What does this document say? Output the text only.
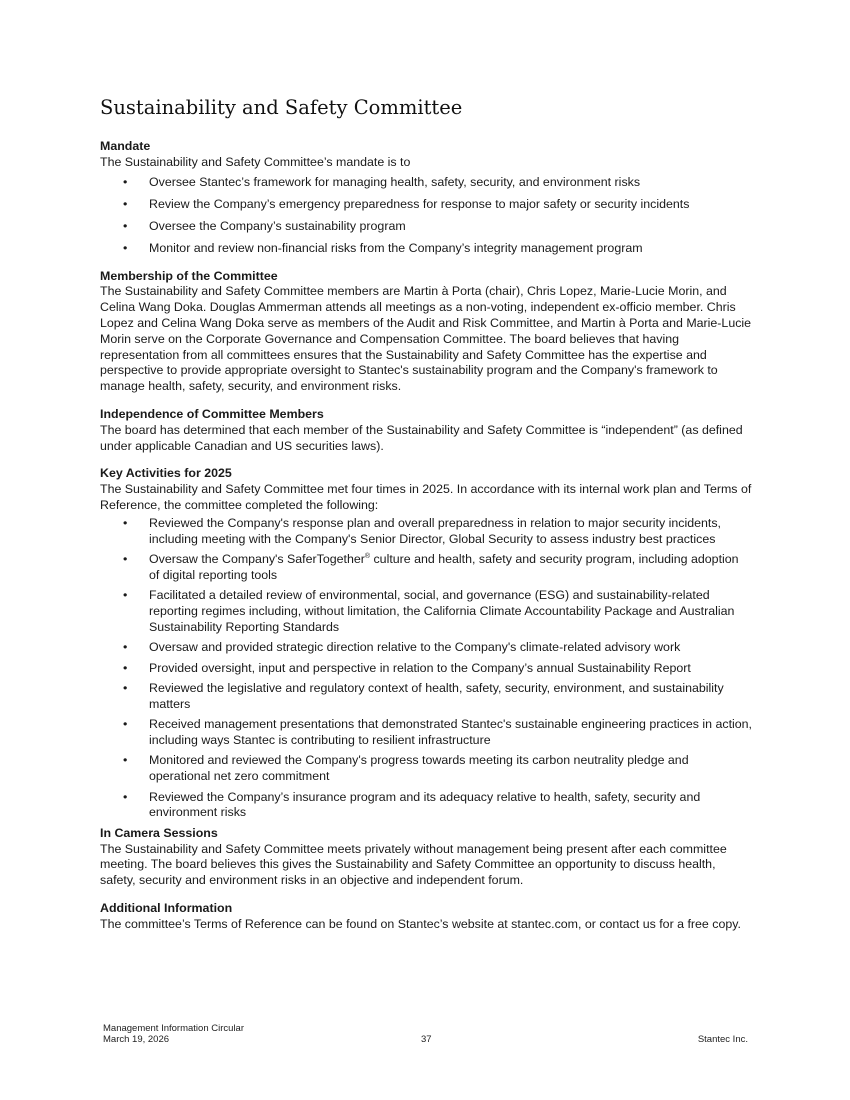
Sustainability and Safety Committee
Mandate

The Sustainability and Safety Committee’s mandate is to

• Oversee Stantec’s framework for managing health, safety, security, and environment risks
• Review the Company’s emergency preparedness for response to major safety or security incidents
• Oversee the Company’s sustainability program
• Monitor and review non-financial risks from the Company’s integrity management program
Membership of the Committee

The Sustainability and Safety Committee members are Martin à Porta (chair), Chris Lopez, Marie-Lucie Morin, and Celina Wang Doka. Douglas Ammerman attends all meetings as a non-voting, independent ex-officio member. Chris Lopez and Celina Wang Doka serve as members of the Audit and Risk Committee, and Martin à Porta and Marie-Lucie Morin serve on the Corporate Governance and Compensation Committee. The board believes that having representation from all committees ensures that the Sustainability and Safety Committee has the expertise and perspective to provide appropriate oversight to Stantec's sustainability program and the Company's framework to manage health, safety, security, and environment risks.

Independence of Committee Members

The board has determined that each member of the Sustainability and Safety Committee is “independent” (as defined under applicable Canadian and US securities laws).

Key Activities for 2025

The Sustainability and Safety Committee met four times in 2025. In accordance with its internal work plan and Terms of Reference, the committee completed the following:

• Reviewed the Company's response plan and overall preparedness in relation to major security incidents, including meeting with the Company's Senior Director, Global Security to assess industry best practices
• Oversaw the Company's SaferTogether® culture and health, safety and security program, including adoption of digital reporting tools
• Facilitated a detailed review of environmental, social, and governance (ESG) and sustainability-related reporting regimes including, without limitation, the California Climate Accountability Package and Australian Sustainability Reporting Standards
• Oversaw and provided strategic direction relative to the Company's climate-related advisory work
• Provided oversight, input and perspective in relation to the Company’s annual Sustainability Report
• Reviewed the legislative and regulatory context of health, safety, security, environment, and sustainability matters
• Received management presentations that demonstrated Stantec's sustainable engineering practices in action, including ways Stantec is contributing to resilient infrastructure
• Monitored and reviewed the Company's progress towards meeting its carbon neutrality pledge and operational net zero commitment
• Reviewed the Company’s insurance program and its adequacy relative to health, safety, security and environment risks
In Camera Sessions

The Sustainability and Safety Committee meets privately without management being present after each committee meeting. The board believes this gives the Sustainability and Safety Committee an opportunity to discuss health, safety, security and environment risks in an objective and independent forum.

Additional Information

The committee’s Terms of Reference can be found on Stantec’s website at stantec.com, or contact us for a free copy.

Management Information Circular
March 19, 2026	37	Stantec Inc.
